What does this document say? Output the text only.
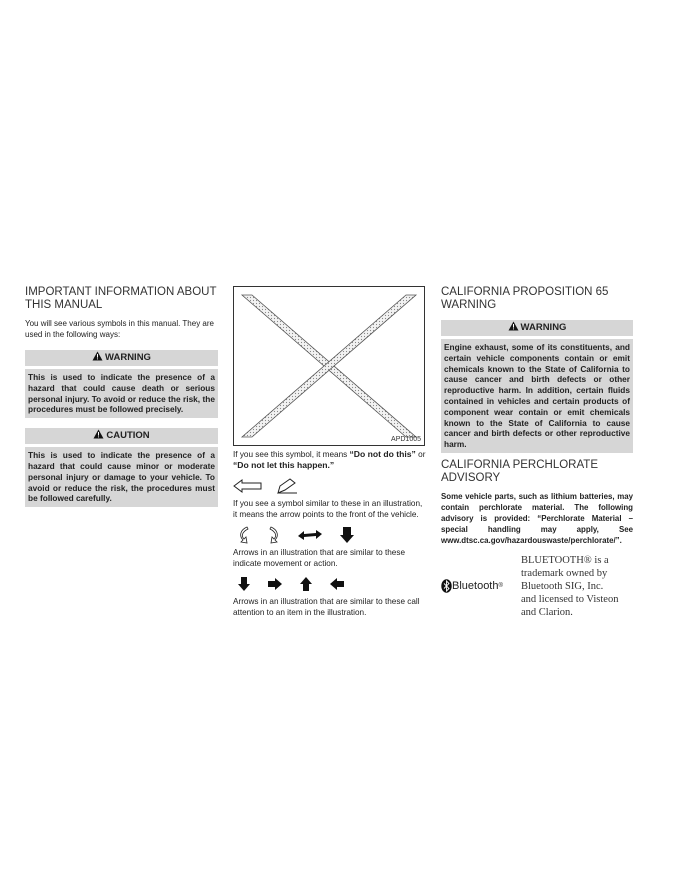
IMPORTANT INFORMATION ABOUT
THIS MANUAL

You will see various symbols in this manual. They are used in the following ways:

WARNING
This is used to indicate the presence of a hazard that could cause death or serious personal injury. To avoid or reduce the risk, the procedures must be followed precisely.
CAUTION
This is used to indicate the presence of a hazard that could cause minor or moderate personal injury or damage to your vehicle. To avoid or reduce the risk, the procedures must be followed carefully.
APD1005

If you see this symbol, it means “Do not do this” or “Do not let this happen.”

If you see a symbol similar to these in an illustration, it means the arrow points to the front of the vehicle.

Arrows in an illustration that are similar to these indicate movement or action.

Arrows in an illustration that are similar to these call attention to an item in the illustration.

CALIFORNIA PROPOSITION 65
WARNING
WARNING
Engine exhaust, some of its constituents, and certain vehicle components contain or emit chemicals known to the State of California to cause cancer and birth defects or other reproductive harm. In addition, certain fluids contained in vehicles and certain products of component wear contain or emit chemicals known to the State of California to cause cancer and birth defects or other reproductive harm.
CALIFORNIA PERCHLORATE
ADVISORY

Some vehicle parts, such as lithium batteries, may contain perchlorate material. The following advisory is provided: “Perchlorate Material – special handling may apply, See www.dtsc.ca.gov/hazardouswaste/perchlorate/”.

Bluetooth ®
BLUETOOTH® is a trademark owned by Bluetooth SIG, Inc. and licensed to Visteon and Clarion.
